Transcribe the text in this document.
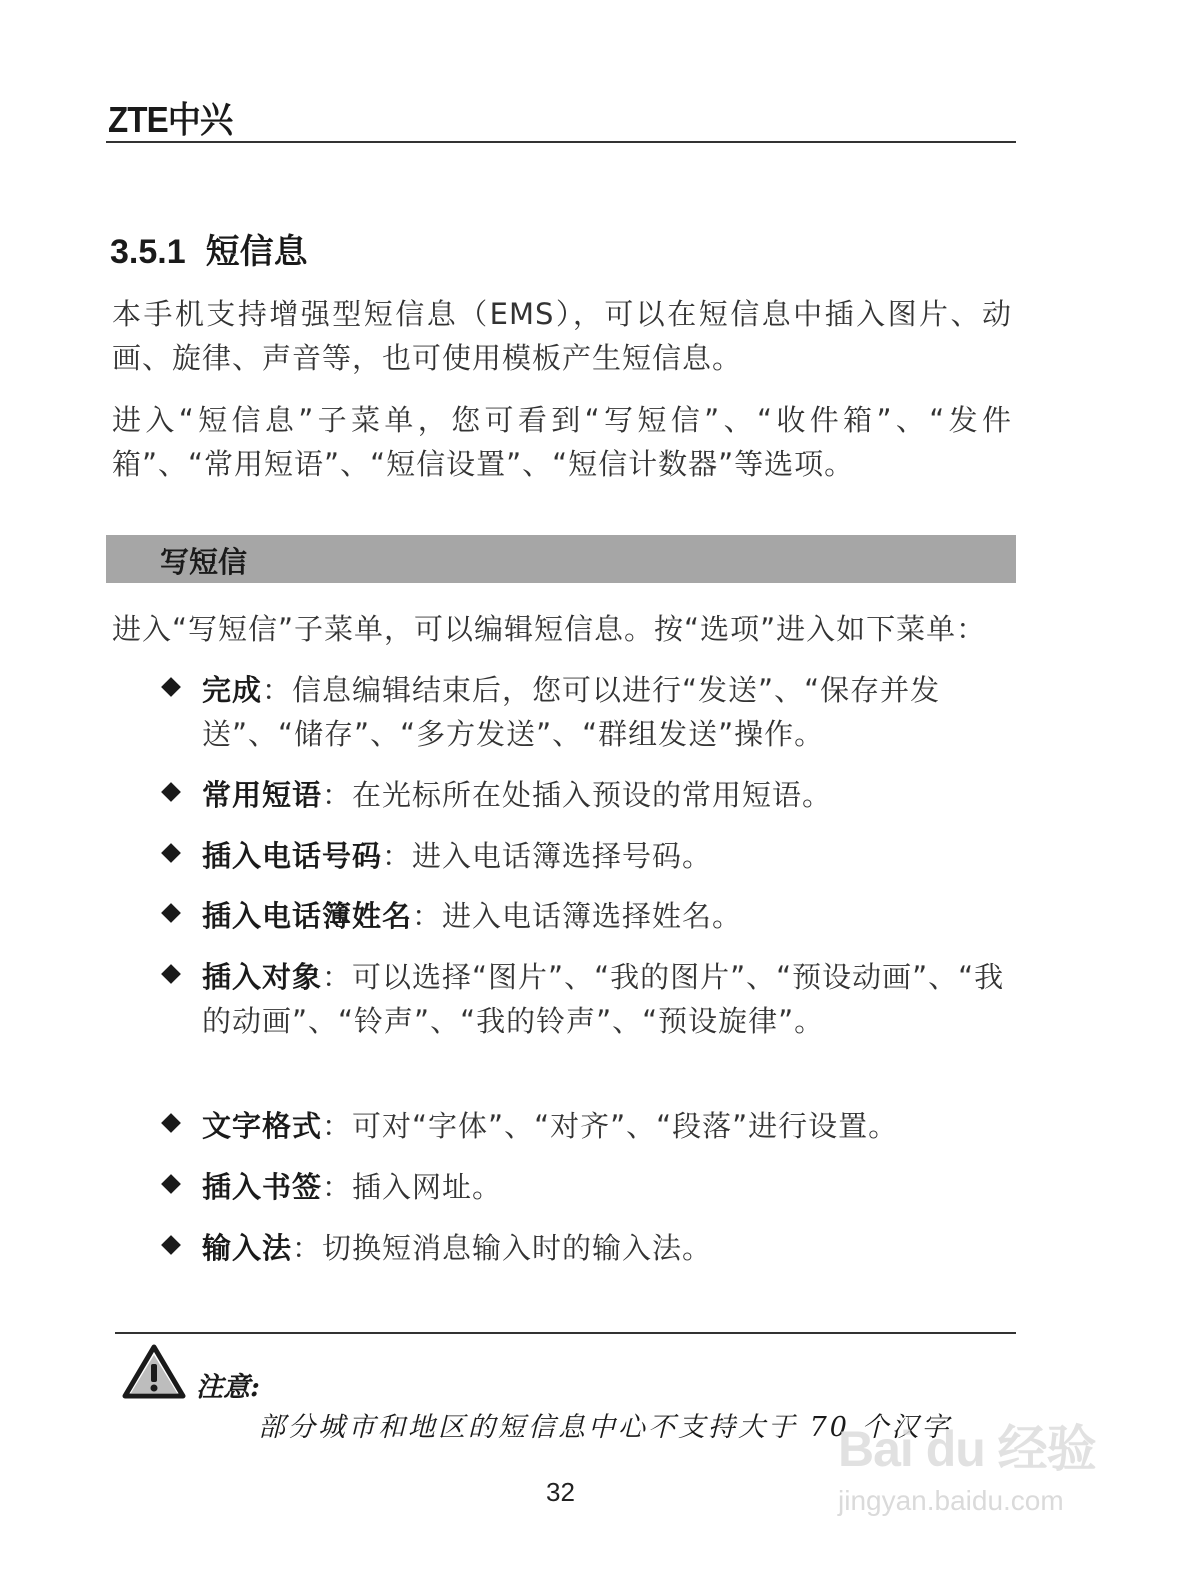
ZTE中兴
3.5.1 短信息

本手机支持增强型短信息（EMS），可以在短信息中插入图片、动画、旋律、声音等，也可使用模板产生短信息。

进入“短信息”子菜单，您可看到“写短信”、“收件箱”、“发件箱”、“常用短语”、“短信设置”、“短信计数器”等选项。

写短信

进入“写短信”子菜单，可以编辑短信息。按“选项”进入如下菜单：

完成：信息编辑结束后，您可以进行“发送”、“保存并发送”、“储存”、“多方发送”、“群组发送”操作。
常用短语：在光标所在处插入预设的常用短语。
插入电话号码：进入电话簿选择号码。
插入电话簿姓名：进入电话簿选择姓名。
插入对象：可以选择“图片”、“我的图片”、“预设动画”、“我的动画”、“铃声”、“我的铃声”、“预设旋律”。
文字格式：可对“字体”、“对齐”、“段落”进行设置。
插入书签：插入网址。
输入法：切换短消息输入时的输入法。
注意:

部分城市和地区的短信息中心不支持大于 70 个汉字

32
Bai du 经验
jingyan.baidu.com
